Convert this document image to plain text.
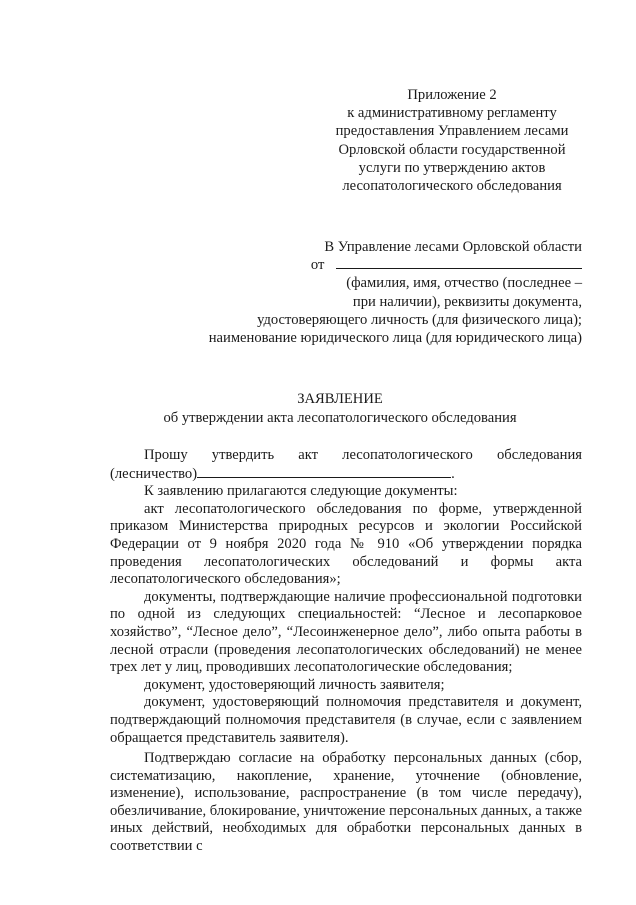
Приложение 2
к административному регламенту
предоставления Управлением лесами
Орловской области государственной
услуги по утверждению актов
лесопатологического обследования
В Управление лесами Орловской области
от
(фамилия, имя, отчество (последнее –
при наличии), реквизиты документа,
удостоверяющего личность (для физического лица);
наименование юридического лица (для юридического лица)
ЗАЯВЛЕНИЕ
об утверждении акта лесопатологического обследования

Прошу утвердить акт лесопатологического обследования

(лесничество)	.

К заявлению прилагаются следующие документы:

акт лесопатологического обследования по форме, утвержденной приказом Министерства природных ресурсов и экологии Российской Федерации от 9 ноября 2020 года № 910 «Об утверждении порядка проведения лесопатологических обследований и формы акта лесопатологического обследования»;

документы, подтверждающие наличие профессиональной подготовки по одной из следующих специальностей: “Лесное и лесопарковое хозяйство”, “Лесное дело”, “Лесоинженерное дело”, либо опыта работы в лесной отрасли (проведения лесопатологических обследований) не менее трех лет у лиц, проводивших лесопатологические обследования;

документ, удостоверяющий личность заявителя;

документ, удостоверяющий полномочия представителя и документ, подтверждающий полномочия представителя (в случае, если с заявлением обращается представитель заявителя).

Подтверждаю согласие на обработку персональных данных (сбор, систематизацию, накопление, хранение, уточнение (обновление, изменение), использование, распространение (в том числе передачу), обезличивание, блокирование, уничтожение персональных данных, а также иных действий, необходимых для обработки персональных данных в соответствии с
